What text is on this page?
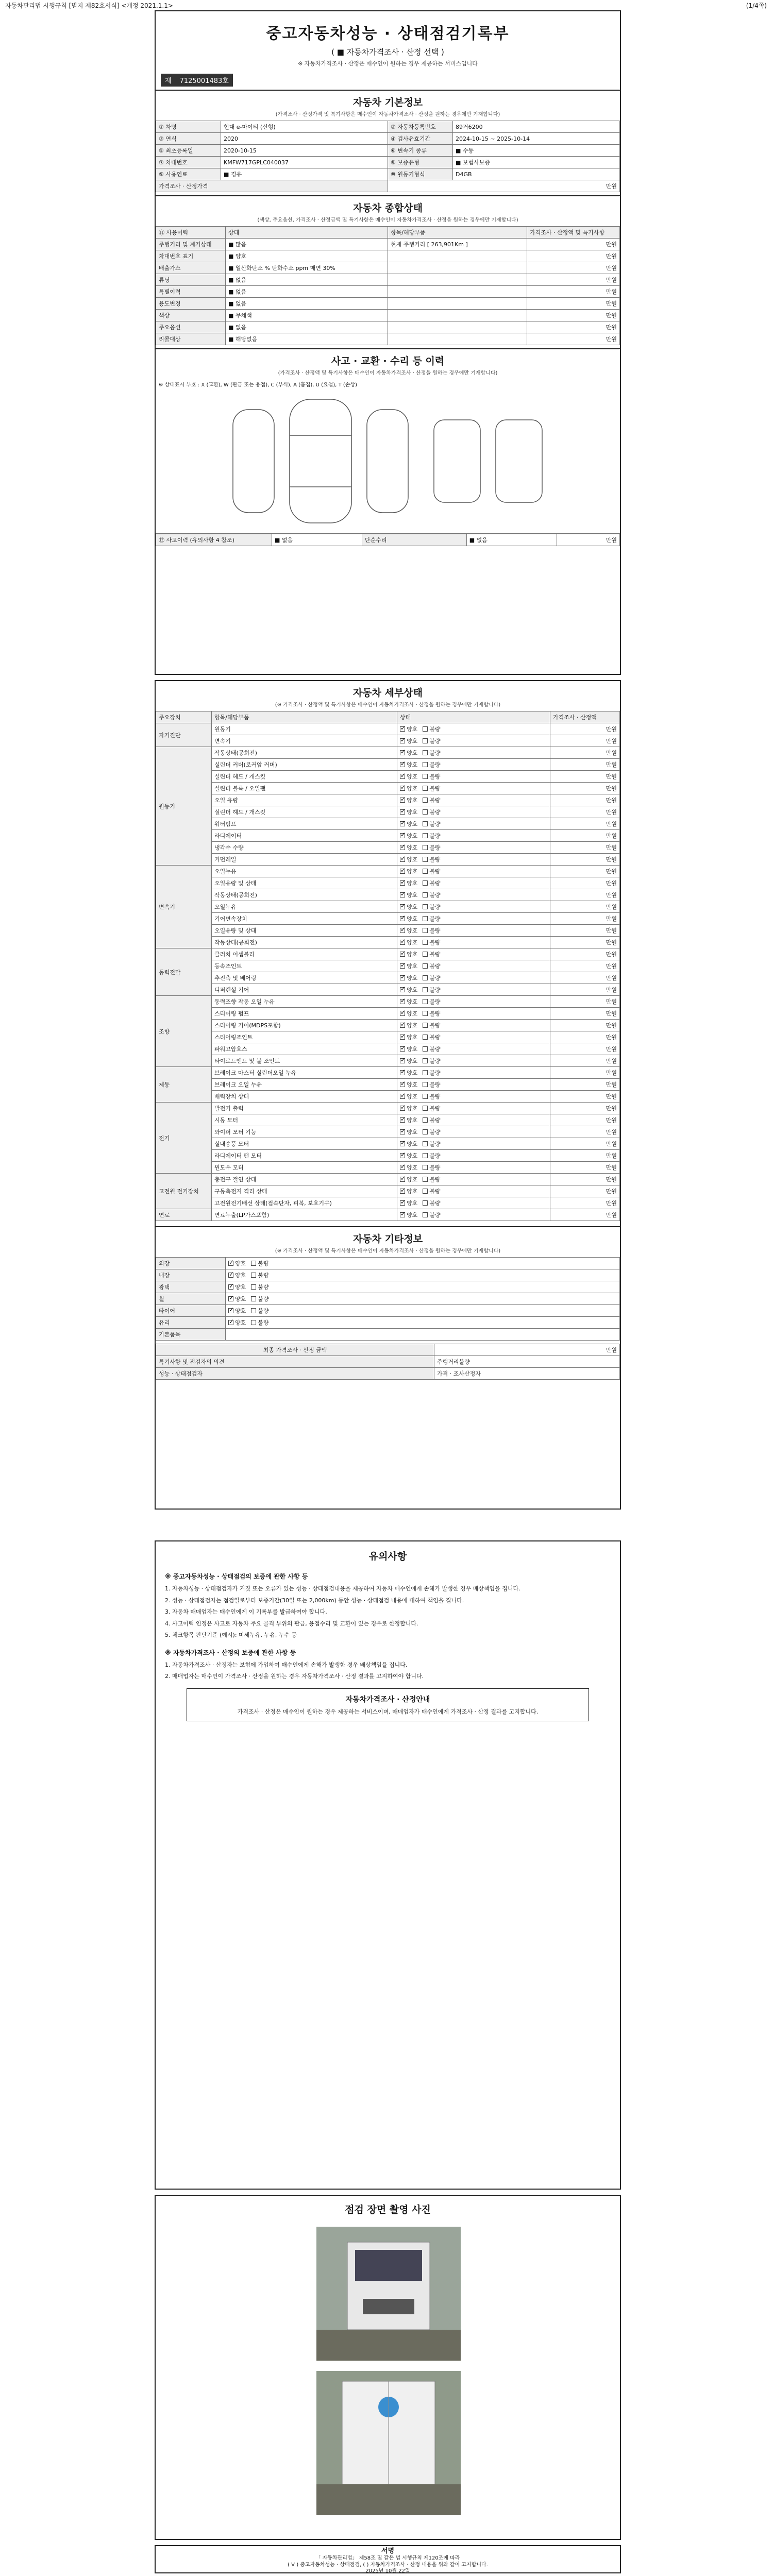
자동차관리법 시행규칙 [별지 제82호서식] <개정 2021.1.1>	(1/4쪽)
중고자동차성능 · 상태점검기록부
( ■ 자동차가격조사 · 산정 선택 )
※ 자동차가격조사 · 산정은 매수인이 원하는 경우 제공하는 서비스입니다
제 7125001483호
자동차 기본정보
(가격조사 · 산정가격 및 특기사항은 매수인이 자동차가격조사 · 산정을 원하는 경우에만 기재합니다)
① 차명	현대 e-마이티 (신형)	② 자동차등록번호	89거6200
③ 연식	2020	④ 검사유효기간	2024-10-15 ~ 2025-10-14
⑤ 최초등록일	2020-10-15	⑥ 변속기 종류	■ 수동
⑦ 차대번호	KMFW717GPLC040037	⑧ 보증유형	■ 보험사보증
⑨ 사용연료	■ 경유	⑩ 원동기형식	D4GB
가격조사 · 산정가격		만원	
자동차 종합상태
(색상, 주요옵션, 가격조사 · 산정금액 및 특기사항은 매수인이 자동차가격조사 · 산정을 원하는 경우에만 기재합니다)
⑪ 사용이력	상태	항목/해당부품	가격조사 · 산정액 및 특기사항
주행거리 및 계기상태	■ 많음	현재 주행거리 [ 263,901Km ]	만원
차대번호 표기	■ 양호		만원
배출가스	■ 일산화탄소 % 탄화수소 ppm 매연 30%		만원
튜닝	■ 없음		만원
특별이력	■ 없음		만원
용도변경	■ 없음		만원
색상	■ 무채색		만원
주요옵션	■ 없음		만원
리콜대상	■ 해당없음		만원
사고 · 교환 · 수리 등 이력
(가격조사 · 산정액 및 특기사항은 매수인이 자동차가격조사 · 산정을 원하는 경우에만 기재합니다)
※ 상태표시 부호 : X (교환), W (판금 또는 용접), C (부식), A (흠집), U (요철), T (손상)
⑫ 사고이력 (유의사항 4 참조)	■ 없음	단순수리	■ 없음	만원
자동차 세부상태
(※ 가격조사 · 산정액 및 특기사항은 매수인이 자동차가격조사 · 산정을 원하는 경우에만 기재합니다)
주요장치	항목/해당부품	상태	가격조사 · 산정액
자기진단	원동기	✓양호 불량	만원
	변속기	✓양호 불량	만원
원동기	작동상태(공회전)	✓양호 불량	만원
	실린더 커버(로커암 커버)	✓양호 불량	만원
	실린더 헤드 / 개스킷	✓양호 불량	만원
	실린더 블록 / 오일팬	✓양호 불량	만원
	오일 유량	✓양호 불량	만원
	실린더 헤드 / 개스킷	✓양호 불량	만원
	워터펌프	✓양호 불량	만원
	라디에이터	✓양호 불량	만원
	냉각수 수량	✓양호 불량	만원
	커먼레일	✓양호 불량	만원
변속기	오일누유	✓양호 불량	만원
	오일유량 및 상태	✓양호 불량	만원
	작동상태(공회전)	✓양호 불량	만원
	오일누유	✓양호 불량	만원
	기어변속장치	✓양호 불량	만원
	오일유량 및 상태	✓양호 불량	만원
	작동상태(공회전)	✓양호 불량	만원
동력전달	클러치 어셈블리	✓양호 불량	만원
	등속조인트	✓양호 불량	만원
	추진축 및 베어링	✓양호 불량	만원
	디퍼렌셜 기어	✓양호 불량	만원
조향	동력조향 작동 오일 누유	✓양호 불량	만원
	스티어링 펌프	✓양호 불량	만원
	스티어링 기어(MDPS포함)	✓양호 불량	만원
	스티어링조인트	✓양호 불량	만원
	파워고압호스	✓양호 불량	만원
	타이로드엔드 및 볼 조인트	✓양호 불량	만원
제동	브레이크 마스터 실린더오일 누유	✓양호 불량	만원
	브레이크 오일 누유	✓양호 불량	만원
	배력장치 상태	✓양호 불량	만원
전기	발전기 출력	✓양호 불량	만원
	시동 모터	✓양호 불량	만원
	와이퍼 모터 기능	✓양호 불량	만원
	실내송풍 모터	✓양호 불량	만원
	라디에이터 팬 모터	✓양호 불량	만원
	윈도우 모터	✓양호 불량	만원
고전원 전기장치	충전구 절연 상태	✓양호 불량	만원
	구동축전지 격리 상태	✓양호 불량	만원
	고전원전기배선 상태(접속단자, 피복, 보호기구)	✓양호 불량	만원
연료	연료누출(LP가스포함)	✓양호 불량	만원
자동차 기타정보
(※ 가격조사 · 산정액 및 특기사항은 매수인이 자동차가격조사 · 산정을 원하는 경우에만 기재합니다)
외장	✓양호 불량
내장	✓양호 불량
광택	✓양호 불량
휠	✓양호 불량
타이어	✓양호 불량
유리	✓양호 불량
기본품목	
최종 가격조사 · 산정 금액	만원
특기사항 및 점검자의 의견	주행거리불량
성능 · 상태점검자	가격 · 조사산정자
유의사항
※ 중고자동차성능 · 상태점검의 보증에 관한 사항 등

1. 자동차성능 · 상태점검자가 거짓 또는 오류가 있는 성능 · 상태점검내용을 제공하여 자동차 매수인에게 손해가 발생한 경우 배상책임을 집니다.

2. 성능 · 상태점검자는 점검일로부터 보증기간(30일 또는 2,000km) 동안 성능 · 상태점검 내용에 대하여 책임을 집니다.

3. 자동차 매매업자는 매수인에게 이 기록부를 발급하여야 합니다.

4. 사고이력 인정은 사고로 자동차 주요 골격 부위의 판금, 용접수리 및 교환이 있는 경우로 한정합니다.

5. 체크항목 판단기준 (예시): 미세누유, 누유, 누수 등

※ 자동차가격조사 · 산정의 보증에 관한 사항 등

1. 자동차가격조사 · 산정자는 보험에 가입하여 매수인에게 손해가 발생한 경우 배상책임을 집니다.

2. 매매업자는 매수인이 가격조사 · 산정을 원하는 경우 자동차가격조사 · 산정 결과를 고지하여야 합니다.

자동차가격조사 · 산정안내
가격조사 · 산정은 매수인이 원하는 경우 제공하는 서비스이며, 매매업자가 매수인에게 가격조사 · 산정 결과를 고지합니다.
점검 장면 촬영 사진
서명
「 자동차관리법」 제58조 및 같은 법 시행규칙 제120조에 따라
( V ) 중고자동차성능 · 상태점검, ( ) 자동차가격조사 · 산정 내용을 위와 같이 고지합니다.
2025년 10월 22일
